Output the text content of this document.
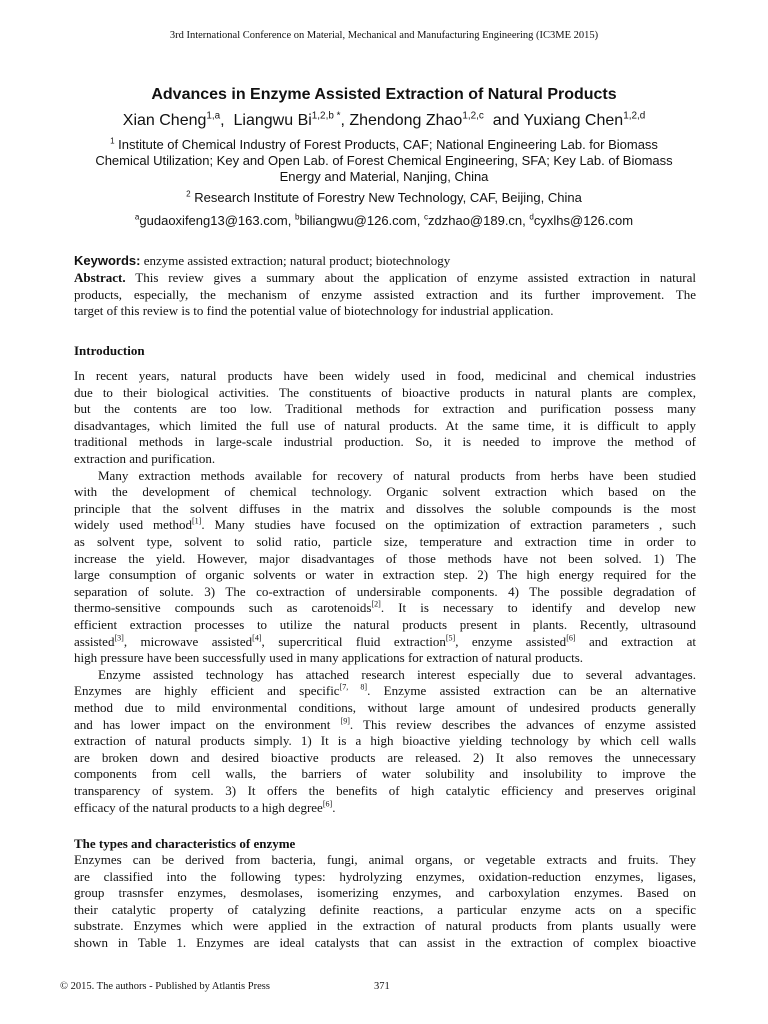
3rd International Conference on Material, Mechanical and Manufacturing Engineering (IC3ME 2015)
Advances in Enzyme Assisted Extraction of Natural Products
Xian Cheng$^{1,a}$,  Liangwu $Bi^{1,2,b *}$, Zhendong Zhao$^{1,2,c}$  and Yuxiang Chen$^{1,2,d}$
$^1$ Institute of Chemical Industry of Forest Products, CAF; National Engineering Lab. for Biomass
Chemical Utilization; Key and Open Lab. of Forest Chemical Engineering, SFA; Key Lab. of Biomass
Energy and Material, Nanjing, China
$^2$ Research Institute of Forestry New Technology, CAF, Beijing, China
$^a$gudaoxifeng13@163.com, $^b$biliangwu@126.com, $^c$zdzhao@189.cn, $^d$cyxlhs@126.com
Keywords: enzyme assisted extraction; natural product; biotechnology
Abstract. This review gives a summary about the application of enzyme assisted extraction in natural
products, especially, the mechanism of enzyme assisted extraction and its further improvement. The
target of this review is to find the potential value of biotechnology for industrial application.
Introduction
In recent years, natural products have been widely used in food, medicinal and chemical industries
due to their biological activities. The constituents of bioactive products in natural plants are complex,
but the contents are too low. Traditional methods for extraction and purification possess many
disadvantages, which limited the full use of natural products. At the same time, it is difficult to apply
traditional methods in large-scale industrial production. So, it is needed to improve the method of
extraction and purification.
Many extraction methods available for recovery of natural products from herbs have been studied
with the development of chemical technology. Organic solvent extraction which based on the
principle that the solvent diffuses in the matrix and dissolves the soluble compounds is the most
widely used method[1]. Many studies have focused on the optimization of extraction parameters , such
as solvent type, solvent to solid ratio, particle size, temperature and extraction time in order to
increase the yield. However, major disadvantages of those methods have not been solved. 1) The
large consumption of organic solvents or water in extraction step. 2) The high energy required for the
separation of solute. 3) The co-extraction of undersirable components. 4) The possible degradation of
thermo-sensitive compounds such as carotenoids[2]. It is necessary to identify and develop new
efficient extraction processes to utilize the natural products present in plants. Recently, ultrasound
assisted[3], microwave assisted[4], supercritical fluid extraction[5], enzyme assisted[6] and extraction at
high pressure have been successfully used in many applications for extraction of natural products.
Enzyme assisted technology has attached research interest especially due to several advantages.
Enzymes are highly efficient and specific[7, 8]. Enzyme assisted extraction can be an alternative
method due to mild environmental conditions, without large amount of undesired products generally
and has lower impact on the environment [9]. This review describes the advances of enzyme assisted
extraction of natural products simply. 1) It is a high bioactive yielding technology by which cell walls
are broken down and desired bioactive products are released. 2) It also removes the unnecessary
components from cell walls, the barriers of water solubility and insolubility to improve the
transparency of system. 3) It offers the benefits of high catalytic efficiency and preserves original
efficacy of the natural products to a high degree[6].
The types and characteristics of enzyme
Enzymes can be derived from bacteria, fungi, animal organs, or vegetable extracts and fruits. They
are classified into the following types: hydrolyzing enzymes, oxidation-reduction enzymes, ligases,
group trasnsfer enzymes, desmolases, isomerizing enzymes, and carboxylation enzymes. Based on
their catalytic property of catalyzing definite reactions, a particular enzyme acts on a specific
substrate. Enzymes which were applied in the extraction of natural products from plants usually were
shown in Table 1. Enzymes are ideal catalysts that can assist in the extraction of complex bioactive
© 2015. The authors - Published by Atlantis Press	371
